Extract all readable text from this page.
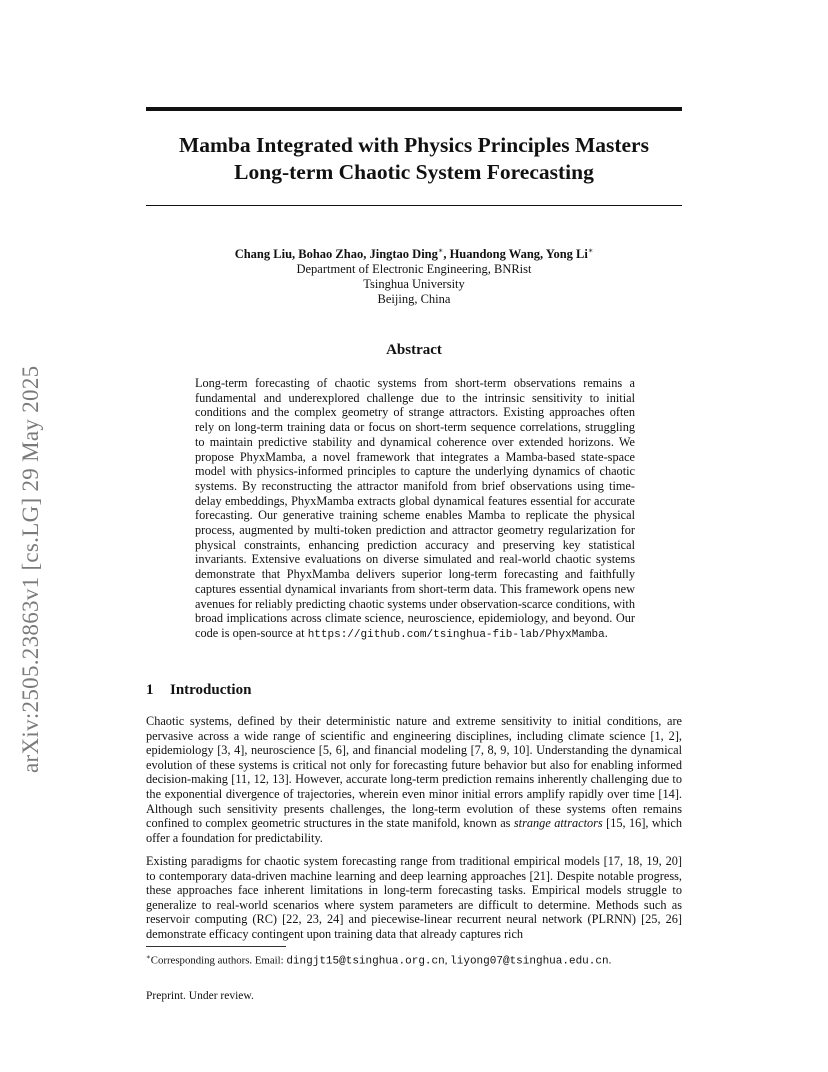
arXiv:2505.23863v1 [cs.LG] 29 May 2025
Mamba Integrated with Physics Principles Masters
Long-term Chaotic System Forecasting
Chang Liu, Bohao Zhao, Jingtao Ding∗, Huandong Wang, Yong Li∗
Department of Electronic Engineering, BNRist
Tsinghua University
Beijing, China
Abstract
Long-term forecasting of chaotic systems from short-term observations remains a fundamental and underexplored challenge due to the intrinsic sensitivity to initial conditions and the complex geometry of strange attractors. Existing approaches often rely on long-term training data or focus on short-term sequence correlations, struggling to maintain predictive stability and dynamical coherence over extended horizons. We propose PhyxMamba, a novel framework that integrates a Mamba-based state-space model with physics-informed principles to capture the underlying dynamics of chaotic systems. By reconstructing the attractor manifold from brief observations using time-delay embeddings, PhyxMamba extracts global dynamical features essential for accurate forecasting. Our generative training scheme enables Mamba to replicate the physical process, augmented by multi-token prediction and attractor geometry regularization for physical constraints, enhancing prediction accuracy and preserving key statistical invariants. Extensive evaluations on diverse simulated and real-world chaotic systems demonstrate that PhyxMamba delivers superior long-term forecasting and faithfully captures essential dynamical invariants from short-term data. This framework opens new avenues for reliably predicting chaotic systems under observation-scarce conditions, with broad implications across climate science, neuroscience, epidemiology, and beyond. Our code is open-source at https://github.com/tsinghua-fib-lab/PhyxMamba.
1 Introduction

Chaotic systems, defined by their deterministic nature and extreme sensitivity to initial conditions, are pervasive across a wide range of scientific and engineering disciplines, including climate science [1, 2], epidemiology [3, 4], neuroscience [5, 6], and financial modeling [7, 8, 9, 10]. Understanding the dynamical evolution of these systems is critical not only for forecasting future behavior but also for enabling informed decision-making [11, 12, 13]. However, accurate long-term prediction remains inherently challenging due to the exponential divergence of trajectories, wherein even minor initial errors amplify rapidly over time [14]. Although such sensitivity presents challenges, the long-term evolution of these systems often remains confined to complex geometric structures in the state manifold, known as strange attractors [15, 16], which offer a foundation for predictability.

Existing paradigms for chaotic system forecasting range from traditional empirical models [17, 18, 19, 20] to contemporary data-driven machine learning and deep learning approaches [21]. Despite notable progress, these approaches face inherent limitations in long-term forecasting tasks. Empirical models struggle to generalize to real-world scenarios where system parameters are difficult to determine. Methods such as reservoir computing (RC) [22, 23, 24] and piecewise-linear recurrent neural network (PLRNN) [25, 26] demonstrate efficacy contingent upon training data that already captures rich

∗Corresponding authors. Email: dingjt15@tsinghua.org.cn, liyong07@tsinghua.edu.cn.
Preprint. Under review.
